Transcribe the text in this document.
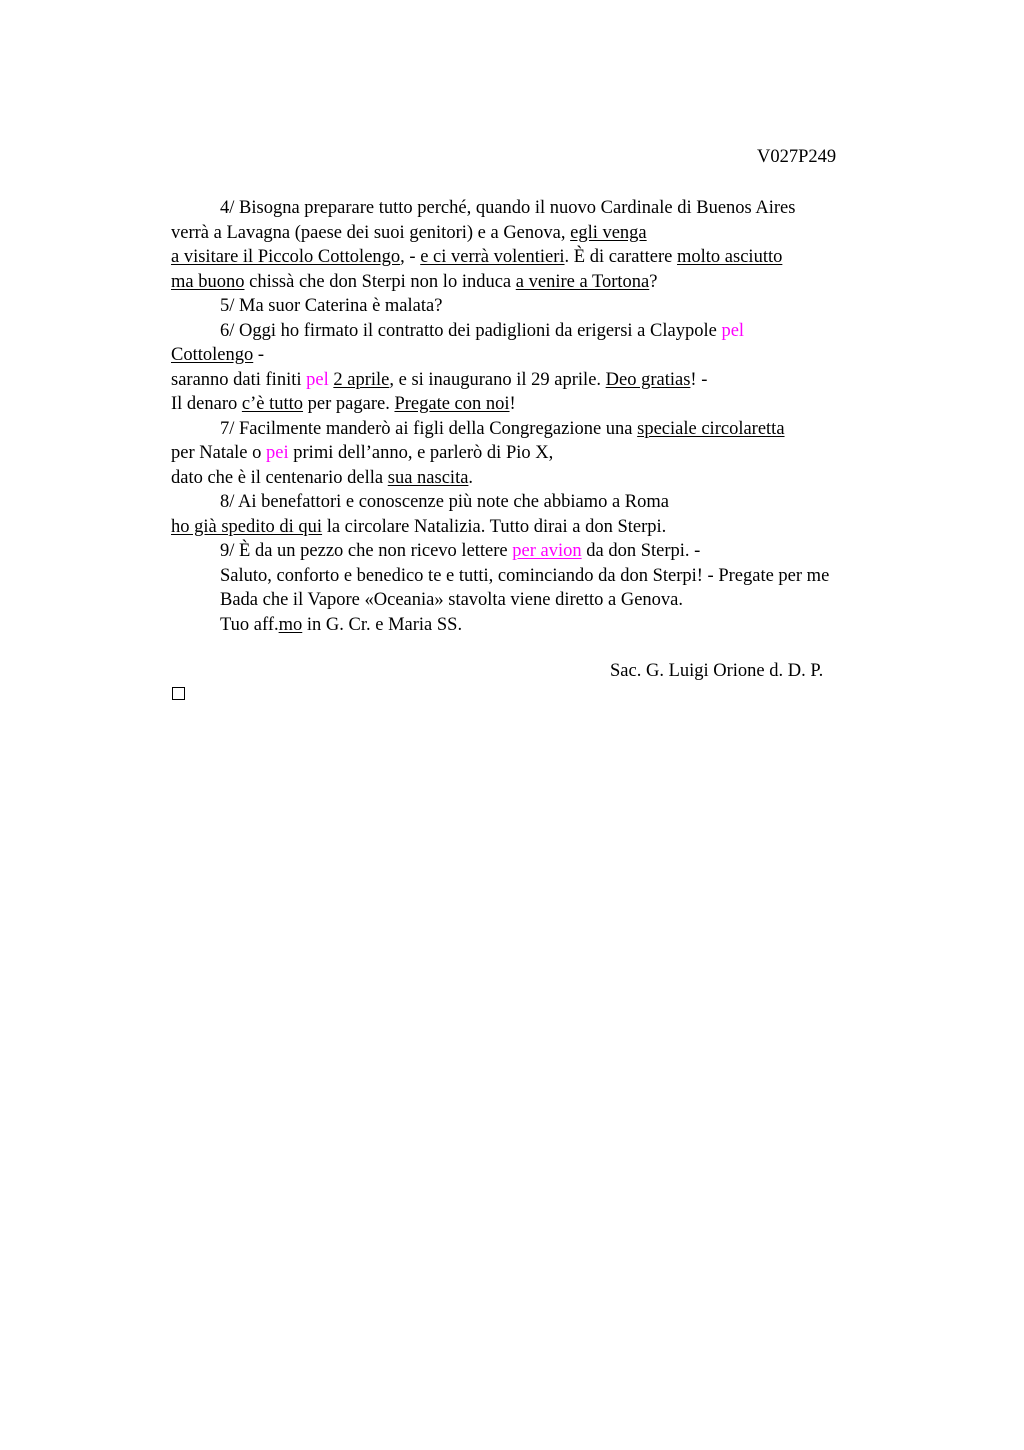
V027P249
4/ Bisogna preparare tutto perché, quando il nuovo Cardinale di Buenos Aires
verrà a Lavagna (paese dei suoi genitori) e a Genova, egli venga
a visitare il Piccolo Cottolengo, - e ci verrà volentieri. È di carattere molto asciutto
ma buono chissà che don Sterpi non lo induca a venire a Tortona?
5/ Ma suor Caterina è malata?
6/ Oggi ho firmato il contratto dei padiglioni da erigersi a Claypole pel
Cottolengo -
saranno dati finiti pel 2 aprile, e si inaugurano il 29 aprile. Deo gratias! -
Il denaro c’è tutto per pagare. Pregate con noi!
7/ Facilmente manderò ai figli della Congregazione una speciale circolaretta
per Natale o pei primi dell’anno, e parlerò di Pio X,
dato che è il centenario della sua nascita.
8/ Ai benefattori e conoscenze più note che abbiamo a Roma
ho già spedito di qui la circolare Natalizia. Tutto dirai a don Sterpi.
9/ È da un pezzo che non ricevo lettere per avion da don Sterpi. -
Saluto, conforto e benedico te e tutti, cominciando da don Sterpi! - Pregate per me
Bada che il Vapore «Oceania» stavolta viene diretto a Genova.
Tuo aff.mo in G. Cr. e Maria SS.
Sac. G. Luigi Orione d. D. P.
